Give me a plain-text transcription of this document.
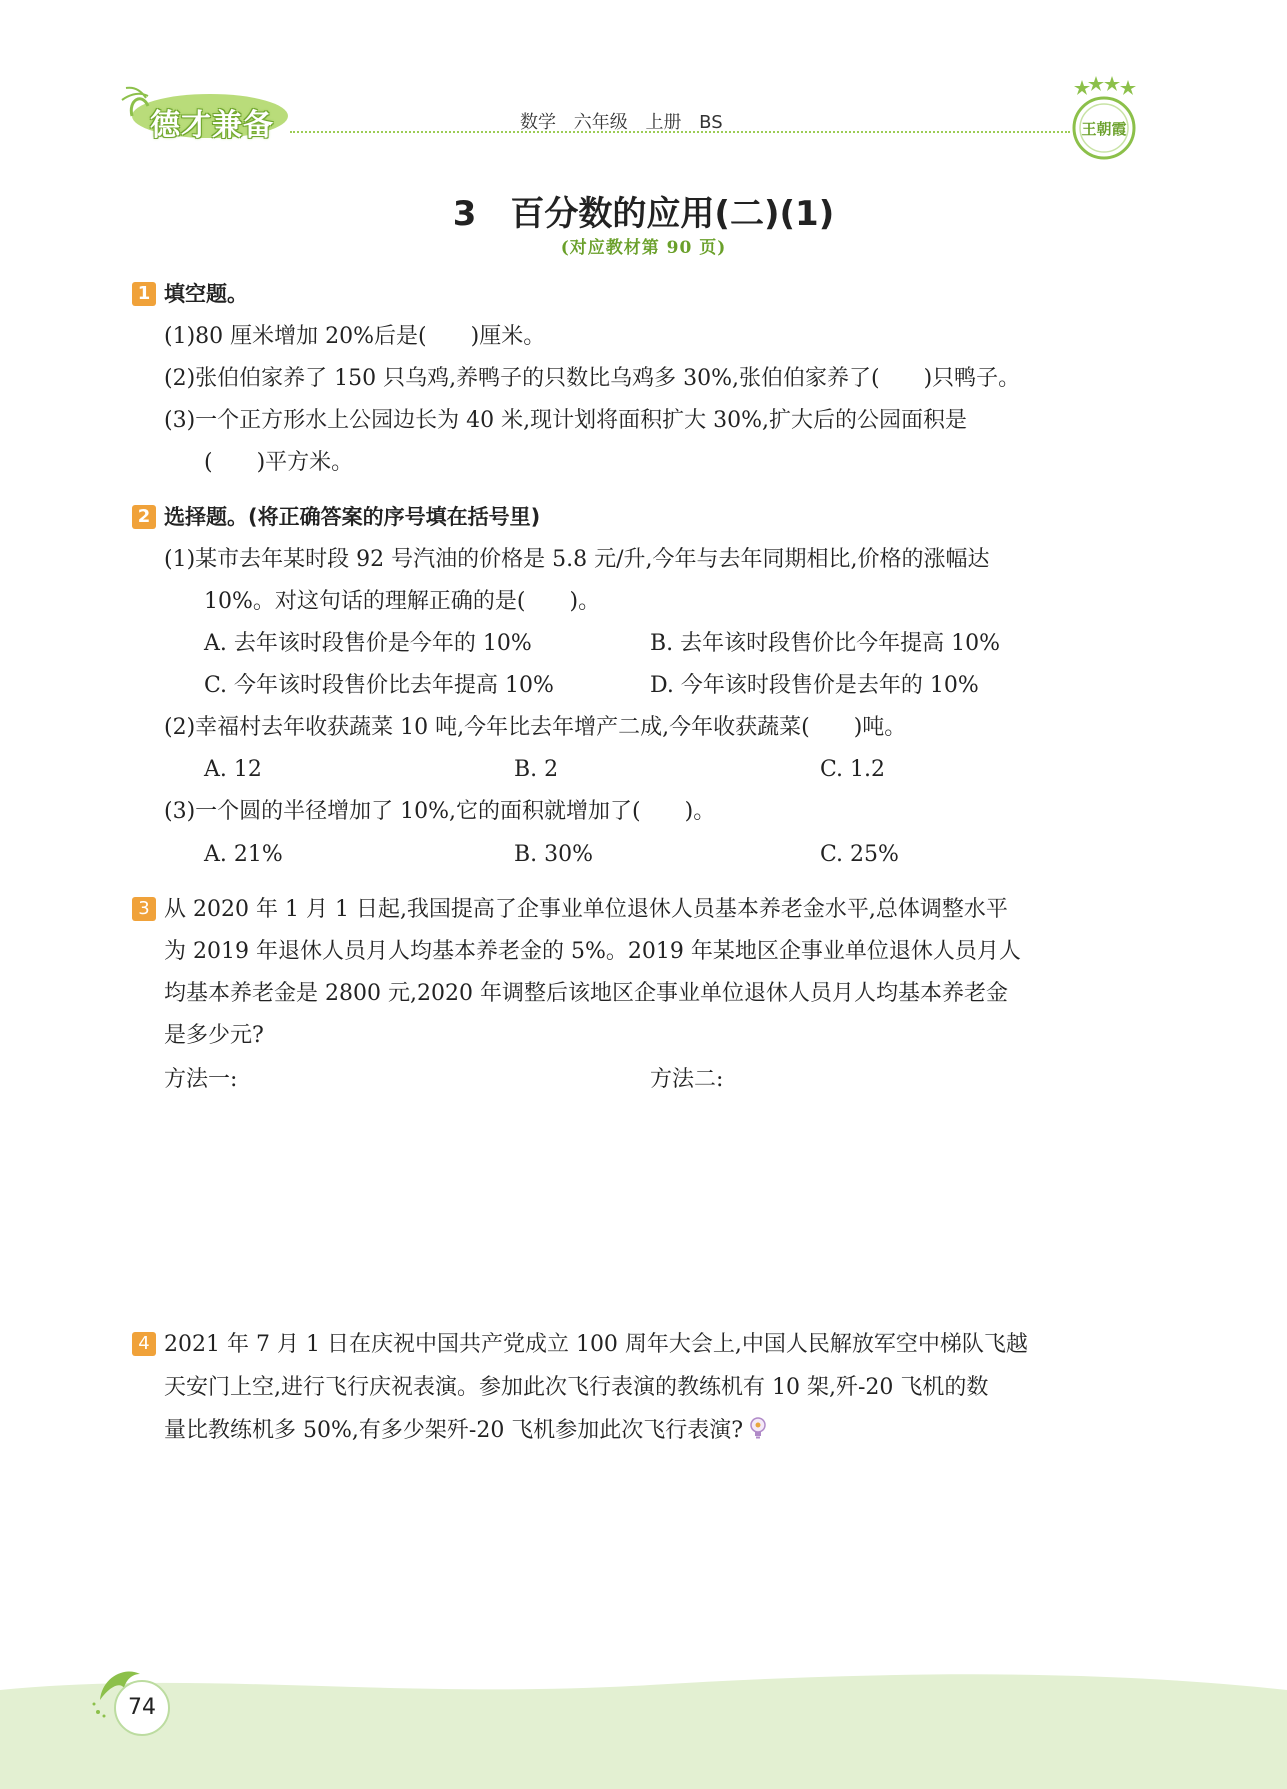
德才兼备	数学 六年级 上册 BS	王朝霞
3 百分数的应用(二)(1)
(对应教材第 90 页)
1 填空题。
(1)80 厘米增加 20%后是(　　)厘米。
(2)张伯伯家养了 150 只乌鸡,养鸭子的只数比乌鸡多 30%,张伯伯家养了(　　)只鸭子。
(3)一个正方形水上公园边长为 40 米,现计划将面积扩大 30%,扩大后的公园面积是
(　　)平方米。
2 选择题。(将正确答案的序号填在括号里)
(1)某市去年某时段 92 号汽油的价格是 5.8 元/升,今年与去年同期相比,价格的涨幅达
10%。对这句话的理解正确的是(　　)。
A. 去年该时段售价是今年的 10%	B. 去年该时段售价比今年提高 10%
C. 今年该时段售价比去年提高 10%	D. 今年该时段售价是去年的 10%
(2)幸福村去年收获蔬菜 10 吨,今年比去年增产二成,今年收获蔬菜(　　)吨。
A. 12	B. 2	C. 1.2
(3)一个圆的半径增加了 10%,它的面积就增加了(　　)。
A. 21%	B. 30%	C. 25%
3 从 2020 年 1 月 1 日起,我国提高了企事业单位退休人员基本养老金水平,总体调整水平
为 2019 年退休人员月人均基本养老金的 5%。2019 年某地区企事业单位退休人员月人
均基本养老金是 2800 元,2020 年调整后该地区企事业单位退休人员月人均基本养老金
是多少元?
方法一:	方法二:
4 2021 年 7 月 1 日在庆祝中国共产党成立 100 周年大会上,中国人民解放军空中梯队飞越
天安门上空,进行飞行庆祝表演。参加此次飞行表演的教练机有 10 架,歼-20 飞机的数
量比教练机多 50%,有多少架歼-20 飞机参加此次飞行表演?
74
